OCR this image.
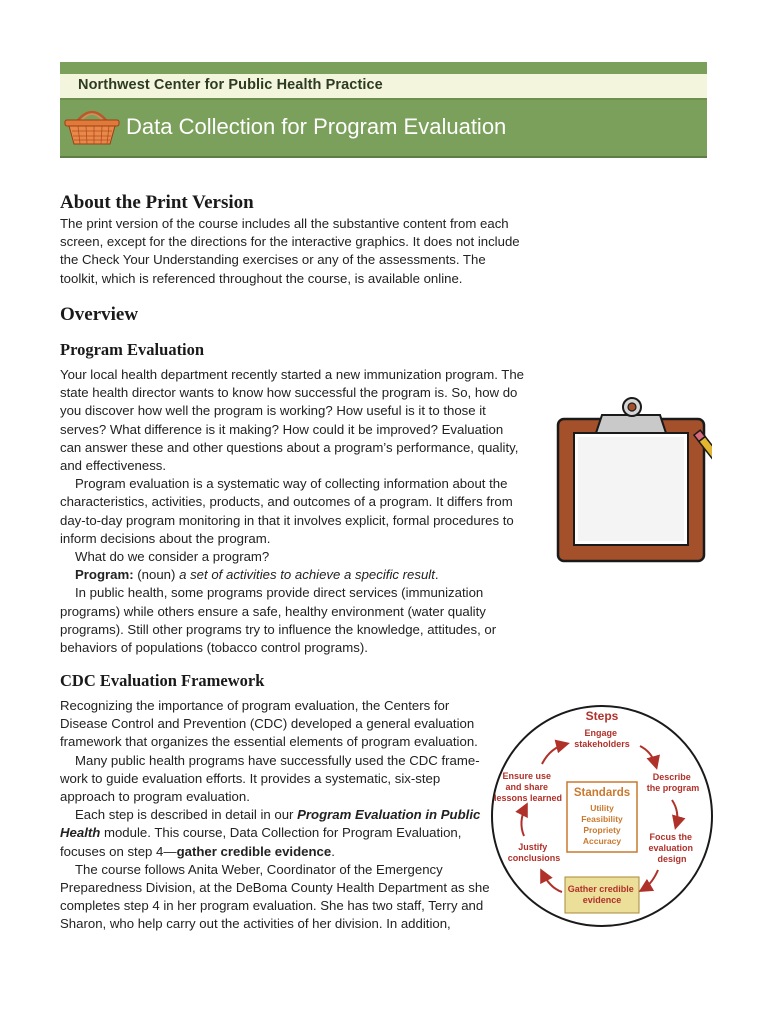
Northwest Center for Public Health Practice
Data Collection for Program Evaluation
About the Print Version

The print version of the course includes all the substantive content from each screen, except for the directions for the interactive graphics. It does not include the Check Your Understanding exercises or any of the assessments. The toolkit, which is referenced throughout the course, is available online.

Overview
Program Evaluation

Your local health department recently started a new immunization program. The state health director wants to know how successful the program is. So, how do you discover how well the program is working? How useful is it to those it serves? What difference is it making? How could it be improved? Evaluation can answer these and other questions about a program’s performance, quality, and effectiveness.

Program evaluation is a systematic way of collecting information about the characteristics, activities, products, and outcomes of a program. It differs from day-to-day program monitoring in that it involves explicit, formal procedures to inform decisions about the program.

What do we consider a program?

Program: (noun) a set of activities to achieve a specific result.

In public health, some programs provide direct services (immunization programs) while others ensure a safe, healthy environment (water quality programs). Still other programs try to influence the knowledge, attitudes, or behaviors of populations (tobacco control programs).

CDC Evaluation Framework

Recognizing the importance of program evaluation, the Centers for Disease Control and Prevention (CDC) developed a general evaluation framework that organizes the essential elements of program evaluation.

Many public health programs have successfully used the CDC frame-work to guide evaluation efforts. It provides a systematic, six-step approach to program evaluation.

Each step is described in detail in our Program Evaluation in Public Health module. This course, Data Collection for Program Evaluation, focuses on step 4—gather credible evidence.

The course follows Anita Weber, Coordinator of the Emergency Preparedness Division, at the DeBoma County Health Department as she completes step 4 in her program evaluation. She has two staff, Terry and Sharon, who help carry out the activities of her division. In addition,

Steps
Engage stakeholders
Describe the program
Focus the evaluation design
Justify conclusions
Ensure use and share lessons learned
Gather credible evidence
Standards
Utility
Feasibility
Propriety
Accuracy
